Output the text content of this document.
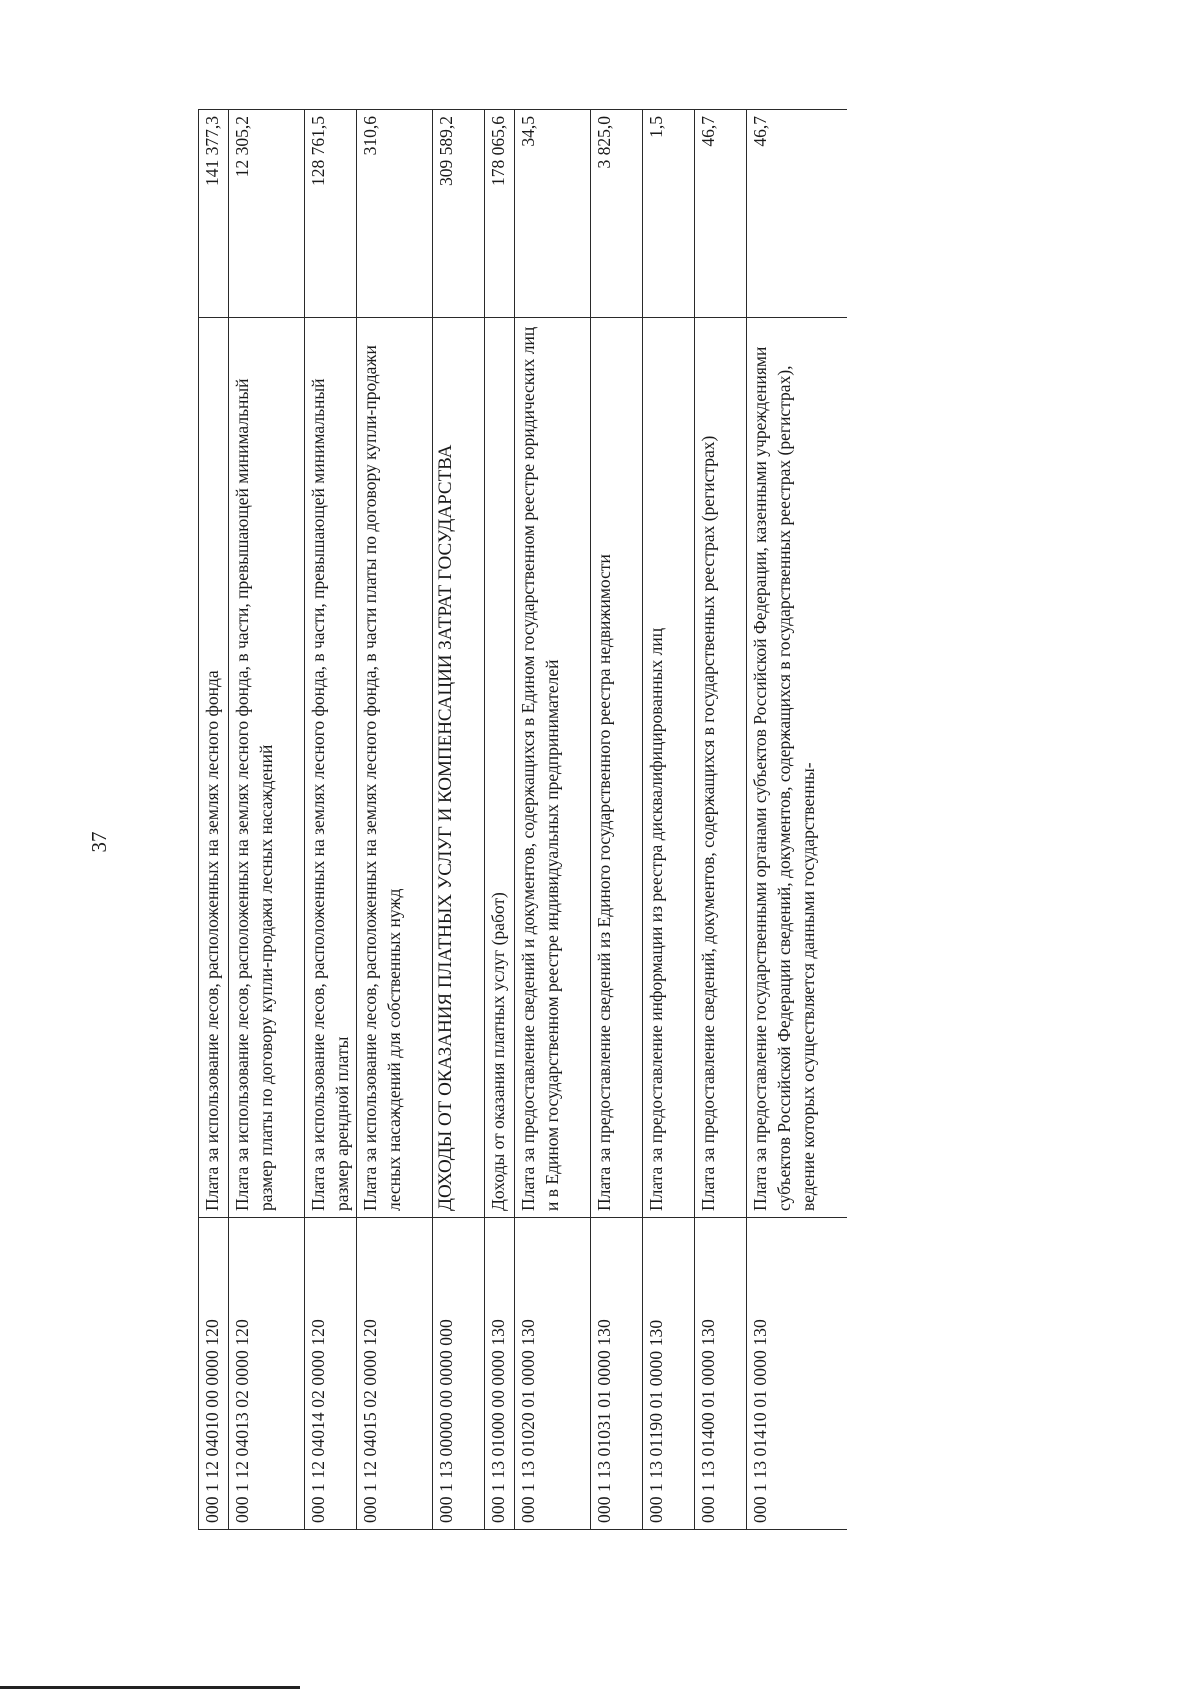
37
000 1 12 04010 00 0000 120	Плата за использование лесов, расположенных на землях лесного фонда	141 377,3
000 1 12 04013 02 0000 120	Плата за использование лесов, расположенных на землях лесного фонда, в части, превышающей минимальный размер платы по договору купли-продажи лесных насаждений	12 305,2
000 1 12 04014 02 0000 120	Плата за использование лесов, расположенных на землях лесного фонда, в части, превышающей минимальный размер арендной платы	128 761,5
000 1 12 04015 02 0000 120	Плата за использование лесов, расположенных на землях лесного фонда, в части платы по договору купли-продажи лесных насаждений для собственных нужд	310,6
000 1 13 00000 00 0000 000	ДОХОДЫ ОТ ОКАЗАНИЯ ПЛАТНЫХ УСЛУГ И КОМПЕНСАЦИИ ЗАТРАТ ГОСУДАРСТВА	309 589,2
000 1 13 01000 00 0000 130	Доходы от оказания платных услуг (работ)	178 065,6
000 1 13 01020 01 0000 130	Плата за предоставление сведений и документов, содержащихся в Едином государственном реестре юридических лиц и в Едином государственном реестре индивидуальных предпринимателей	34,5
000 1 13 01031 01 0000 130	Плата за предоставление сведений из Единого государственного реестра недвижимости	3 825,0
000 1 13 01190 01 0000 130	Плата за предоставление информации из реестра дисквалифицированных лиц	1,5
000 1 13 01400 01 0000 130	Плата за предоставление сведений, документов, содержащихся в государственных реестрах (регистрах)	46,7
000 1 13 01410 01 0000 130	Плата за предоставление государственными органами субъектов Российской Федерации, казенными учреждениями субъектов Российской Федерации сведений, документов, содержащихся в государственных реестрах (регистрах), ведение которых осуществляется данными государственны-	46,7
